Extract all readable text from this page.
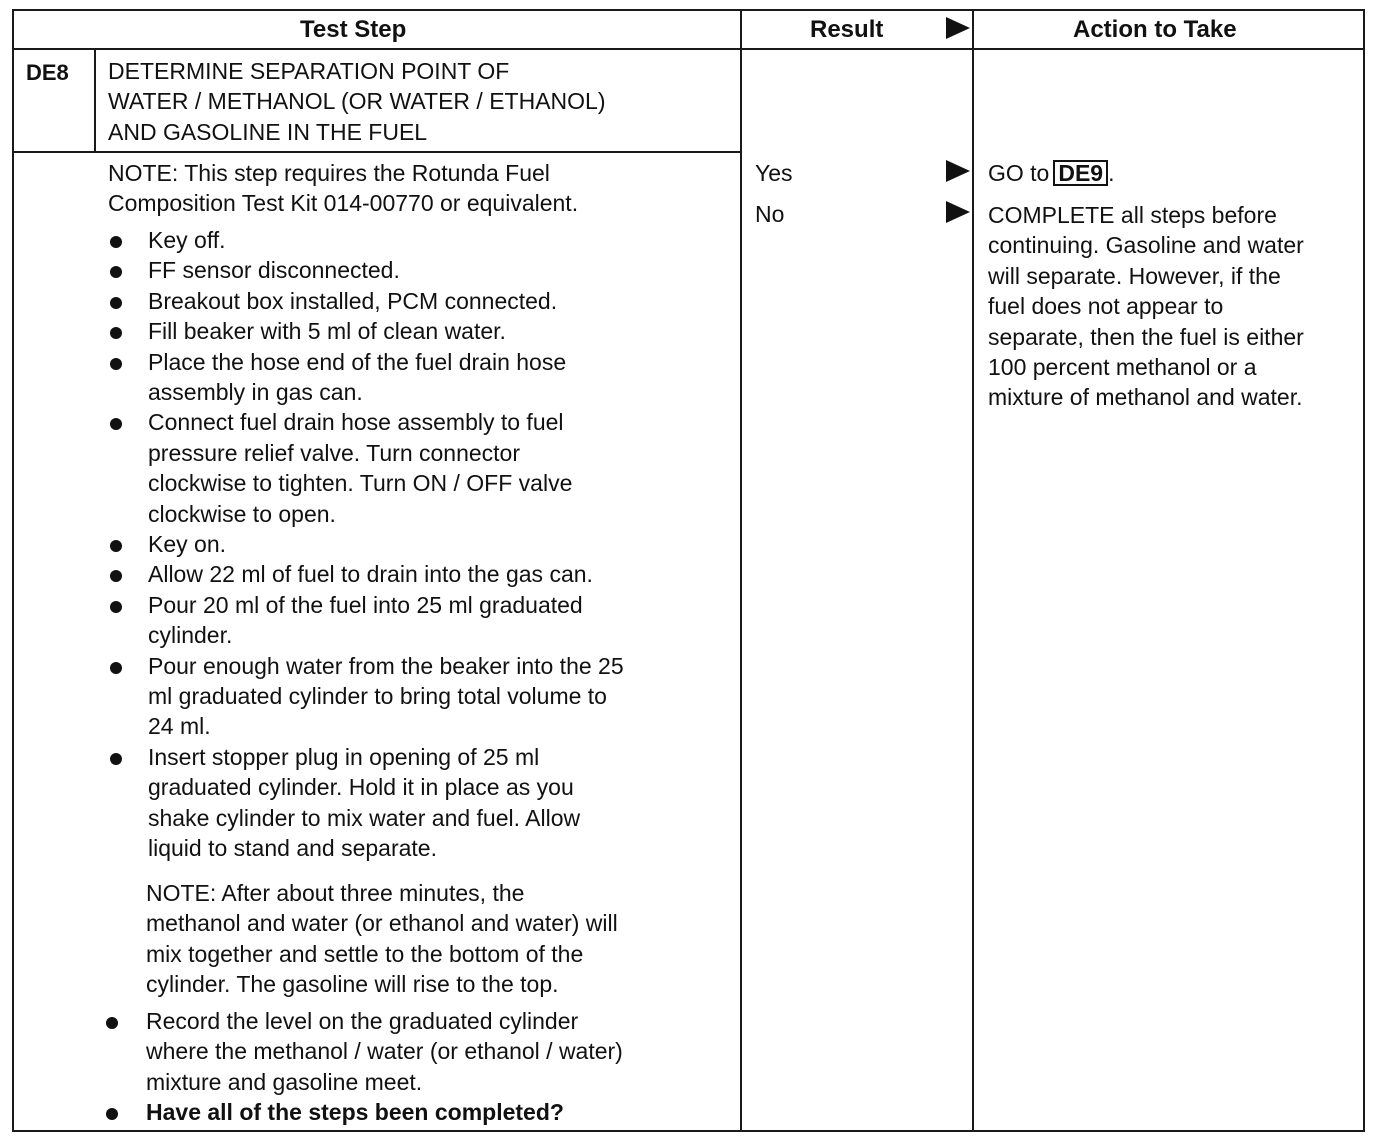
Test Step	Result	Action to Take
DE8 DETERMINE SEPARATION POINT OF
WATER / METHANOL (OR WATER / ETHANOL)
AND GASOLINE IN THE FUEL
NOTE: This step requires the Rotunda Fuel
Composition Test Kit 014-00770 or equivalent.
Key off.
FF sensor disconnected.
Breakout box installed, PCM connected.
Fill beaker with 5 ml of clean water.
Place the hose end of the fuel drain hose
assembly in gas can.
Connect fuel drain hose assembly to fuel
pressure relief valve. Turn connector
clockwise to tighten. Turn ON / OFF valve
clockwise to open.
Key on.
Allow 22 ml of fuel to drain into the gas can.
Pour 20 ml of the fuel into 25 ml graduated
cylinder.
Pour enough water from the beaker into the 25
ml graduated cylinder to bring total volume to
24 ml.
Insert stopper plug in opening of 25 ml
graduated cylinder. Hold it in place as you
shake cylinder to mix water and fuel. Allow
liquid to stand and separate.
NOTE: After about three minutes, the
methanol and water (or ethanol and water) will
mix together and settle to the bottom of the
cylinder. The gasoline will rise to the top.
Record the level on the graduated cylinder
where the methanol / water (or ethanol / water)
mixture and gasoline meet.
Have all of the steps been completed?
Yes
No
GO to DE9 .
COMPLETE all steps before
continuing. Gasoline and water
will separate. However, if the
fuel does not appear to
separate, then the fuel is either
100 percent methanol or a
mixture of methanol and water.
